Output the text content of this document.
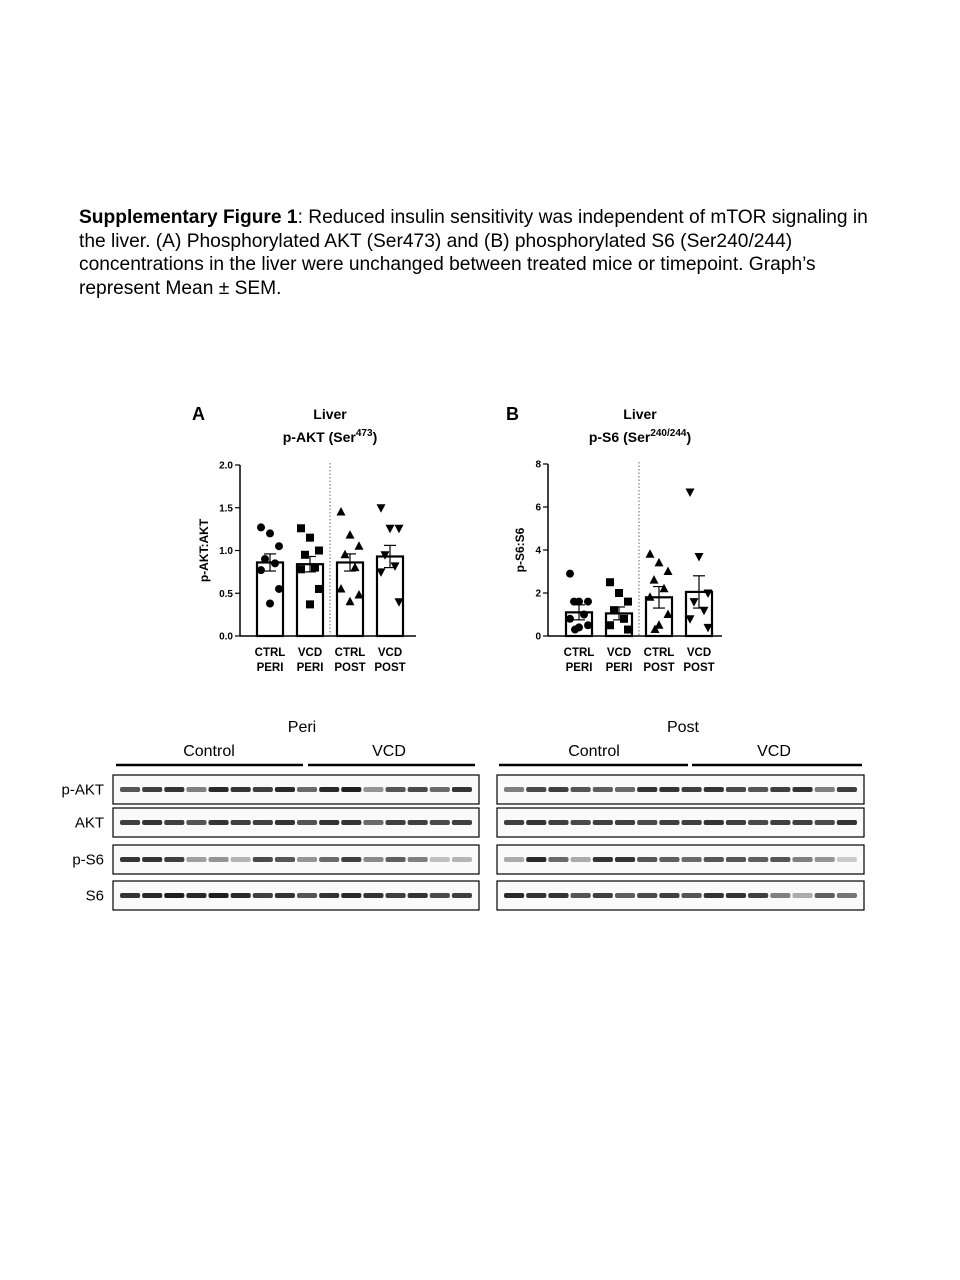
Supplementary Figure 1: Reduced insulin sensitivity was independent of mTOR signaling in the liver. (A) Phosphorylated AKT (Ser473) and (B) phosphorylated S6 (Ser240/244) concentrations in the liver were unchanged between treated mice or timepoint. Graph’s represent Mean ± SEM.
A	Liver
p-AKT (Ser$^{473}$)
0.0
0.5
1.0
1.5
2.0
p-AKT:AKT
CTRL
PERI
VCD
PERI
CTRL
POST
VCD
POST
B	Liver
p-S6 (Ser$^{240/244}$)
0
2
4
6
8
p-S6:S6
CTRL
PERI
VCD
PERI
CTRL
POST
VCD
POST
p-AKT
AKT
p-S6
S6
Peri
Control	VCD
Post
Control	VCD
